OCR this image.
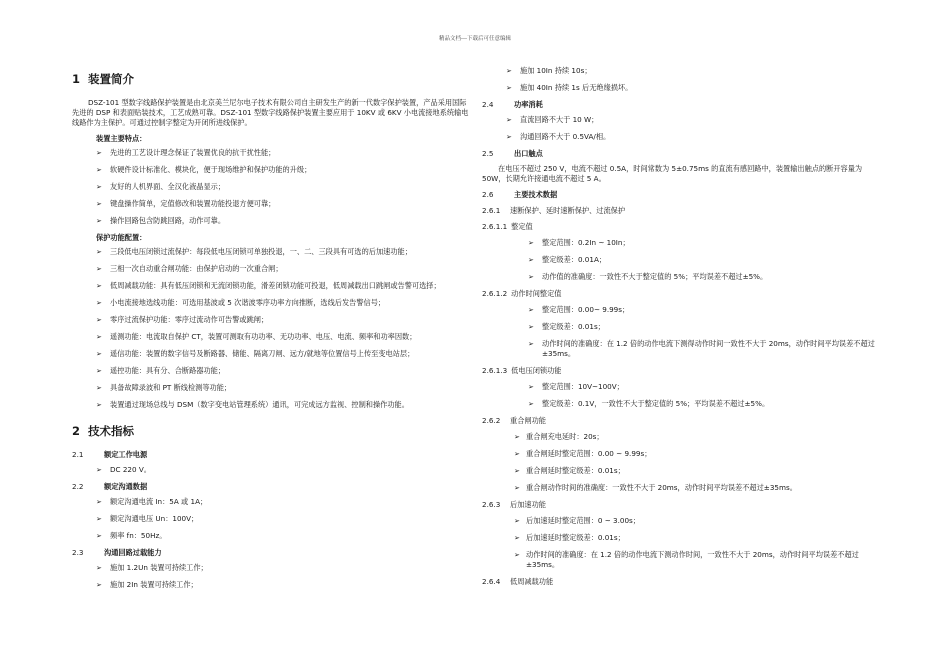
精品文档---下载后可任意编辑
1 装置简介

DSZ-101 型数字线路保护装置是由北京美兰尼尔电子技术有限公司自主研发生产的新一代数字保护装置，产品采用国际先进的 DSP 和表面贴装技术，工艺成熟可靠。DSZ-101 型数字线路保护装置主要应用于 10KV 或 6KV 小电流接地系统输电线路作为主保护。可通过控制字整定为开闭所进线保护。

装置主要特点：
➢ 先进的工艺设计理念保证了装置优良的抗干扰性能；
➢ 软硬件设计标准化、模块化，便于现场维护和保护功能的升级；
➢ 友好的人机界面、全汉化液晶显示；
➢ 键盘操作简单，定值修改和装置功能投退方便可靠；
➢ 操作回路包含防跳回路，动作可靠。
保护功能配置：
➢ 三段低电压闭锁过流保护：每段低电压闭锁可单独投退，一、二、三段具有可选的后加速功能；
➢ 三相一次自动重合闸功能：由保护启动的一次重合闸；
➢ 低周减载功能：具有低压闭锁和无流闭锁功能，滑差闭锁功能可投退，低周减载出口跳闸或告警可选择；
➢ 小电流接地选线功能：可选用基波或 5 次谐波零序功率方向推断，选线后发告警信号；
➢ 零序过流保护功能：零序过流动作可告警或跳闸；
➢ 遥测功能：电流取自保护 CT，装置可测取有功功率、无功功率、电压、电流、频率和功率因数；
➢ 遥信功能：装置的数字信号及断路器、储能、隔离刀闸、远方/就地等位置信号上传至变电站层；
➢ 遥控功能：具有分、合断路器功能；
➢ 具备故障录波和 PT 断线检测等功能；
➢ 装置通过现场总线与 DSM（数字变电站管理系统）通讯，可完成远方监视、控制和操作功能。
2 技术指标
2.1	额定工作电源
➢ DC 220 V。
2.2	额定沟通数据
➢ 额定沟通电流 In：5A 或 1A；
➢ 额定沟通电压 Un：100V；
➢ 频率 fn：50Hz。
2.3	沟通回路过载能力
➢ 施加 1.2Un 装置可持续工作；
➢ 施加 2In 装置可持续工作；
➢ 施加 10In 持续 10s；
➢ 施加 40In 持续 1s 后无绝缘损坏。
2.4	功率消耗
➢ 直流回路不大于 10 W；
➢ 沟通回路不大于 0.5VA/相。
2.5	出口触点

在电压不超过 250 V，电流不超过 0.5A，时间常数为 5±0.75ms 的直流有感回路中，装置输出触点的断开容量为 50W，长期允许接通电流不超过 5 A。

2.6	主要技术数据
2.6.1	速断保护、延时速断保护、过流保护
2.6.1.1 整定值
➢ 整定范围：0.2In ~ 10In；
➢ 整定级差：0.01A；
➢ 动作值的准确度：一致性不大于整定值的 5%；平均误差不超过±5%。
2.6.1.2 动作时间整定值
➢ 整定范围：0.00~ 9.99s；
➢ 整定级差：0.01s；
➢ 动作时间的准确度：在 1.2 倍的动作电流下测得动作时间一致性不大于 20ms，动作时间平均误差不超过±35ms。
2.6.1.3 低电压闭锁功能
➢ 整定范围：10V~100V；
➢ 整定级差：0.1V，一致性不大于整定值的 5%；平均误差不超过±5%。
2.6.2	重合闸功能
➢ 重合闸充电延时：20s；
➢ 重合闸延时整定范围：0.00 ~ 9.99s；
➢ 重合闸延时整定级差：0.01s；
➢ 重合闸动作时间的准确度：一致性不大于 20ms，动作时间平均误差不超过±35ms。
2.6.3	后加速功能
➢ 后加速延时整定范围：0 ~ 3.00s；
➢ 后加速延时整定级差：0.01s；
➢ 动作时间的准确度：在 1.2 倍的动作电流下测动作时间，一致性不大于 20ms，动作时间平均误差不超过±35ms。
2.6.4	低周减载功能
